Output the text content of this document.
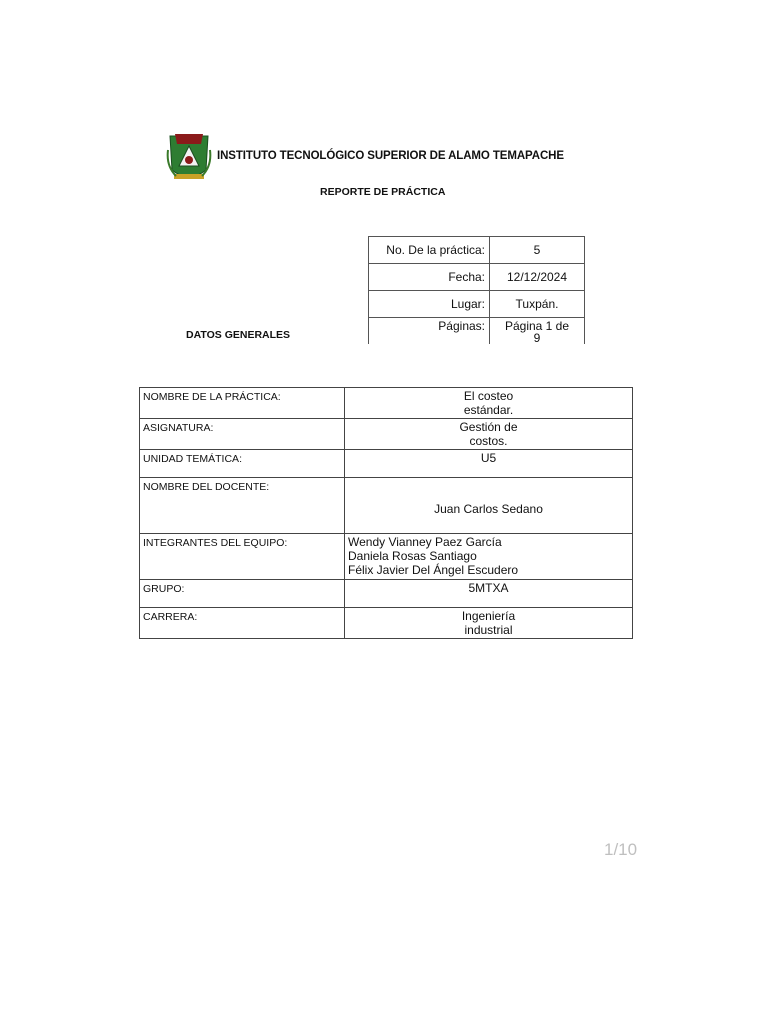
INSTITUTO TECNOLÓGICO SUPERIOR DE ALAMO TEMAPACHE
REPORTE DE PRÁCTICA
DATOS GENERALES
No. De la práctica:	5
Fecha:	12/12/2024
Lugar:	Tuxpán.
Páginas:	Página 1 de 9
NOMBRE DE LA PRÁCTICA:	El costeo estándar.

ASIGNATURA:	Gestión de costos.

UNIDAD TEMÁTICA:	U5
NOMBRE DEL DOCENTE:	Juan Carlos Sedano
INTEGRANTES DEL EQUIPO:	Wendy Vianney Paez García
Daniela Rosas Santiago
Félix Javier Del Ángel Escudero

GRUPO:	5MTXA
CARRERA:	Ingeniería industrial
1/10
